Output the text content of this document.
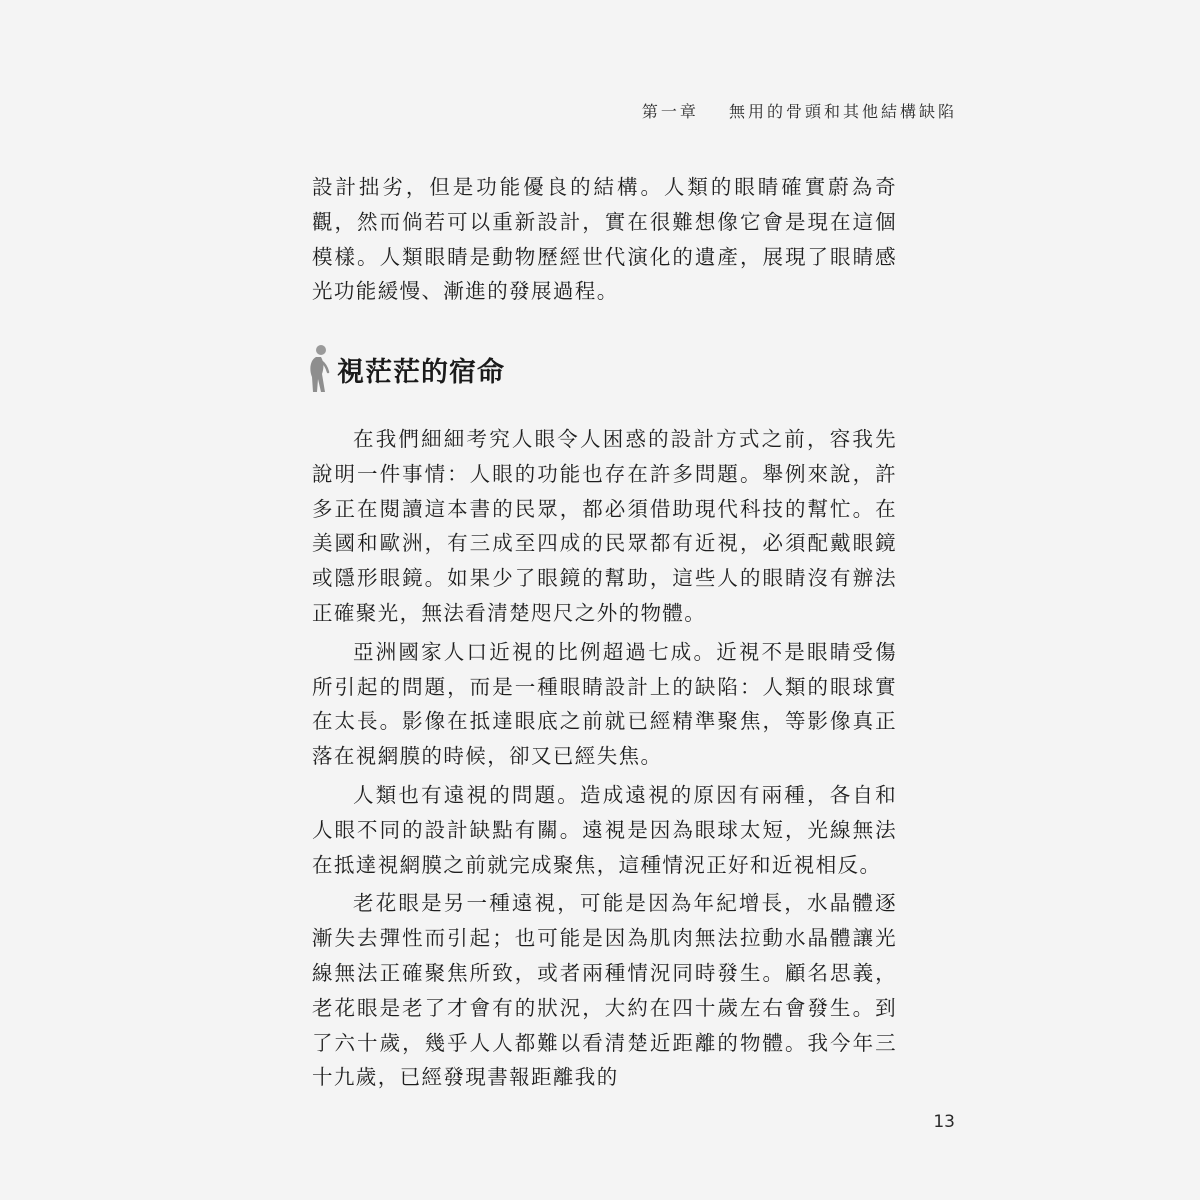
第一章 無用的骨頭和其他結構缺陷

設計拙劣，但是功能優良的結構。人類的眼睛確實蔚為奇觀，然而倘若可以重新設計，實在很難想像它會是現在這個模樣。人類眼睛是動物歷經世代演化的遺產，展現了眼睛感光功能緩慢、漸進的發展過程。

視茫茫的宿命

在我們細細考究人眼令人困惑的設計方式之前，容我先說明一件事情：人眼的功能也存在許多問題。舉例來說，許多正在閱讀這本書的民眾，都必須借助現代科技的幫忙。在美國和歐洲，有三成至四成的民眾都有近視，必須配戴眼鏡或隱形眼鏡。如果少了眼鏡的幫助，這些人的眼睛沒有辦法正確聚光，無法看清楚咫尺之外的物體。

亞洲國家人口近視的比例超過七成。近視不是眼睛受傷所引起的問題，而是一種眼睛設計上的缺陷：人類的眼球實在太長。影像在抵達眼底之前就已經精準聚焦，等影像真正落在視網膜的時候，卻又已經失焦。

人類也有遠視的問題。造成遠視的原因有兩種，各自和人眼不同的設計缺點有關。遠視是因為眼球太短，光線無法在抵達視網膜之前就完成聚焦，這種情況正好和近視相反。

老花眼是另一種遠視，可能是因為年紀增長，水晶體逐漸失去彈性而引起；也可能是因為肌肉無法拉動水晶體讓光線無法正確聚焦所致，或者兩種情況同時發生。顧名思義，老花眼是老了才會有的狀況，大約在四十歲左右會發生。到了六十歲，幾乎人人都難以看清楚近距離的物體。我今年三十九歲，已經發現書報距離我的

13
